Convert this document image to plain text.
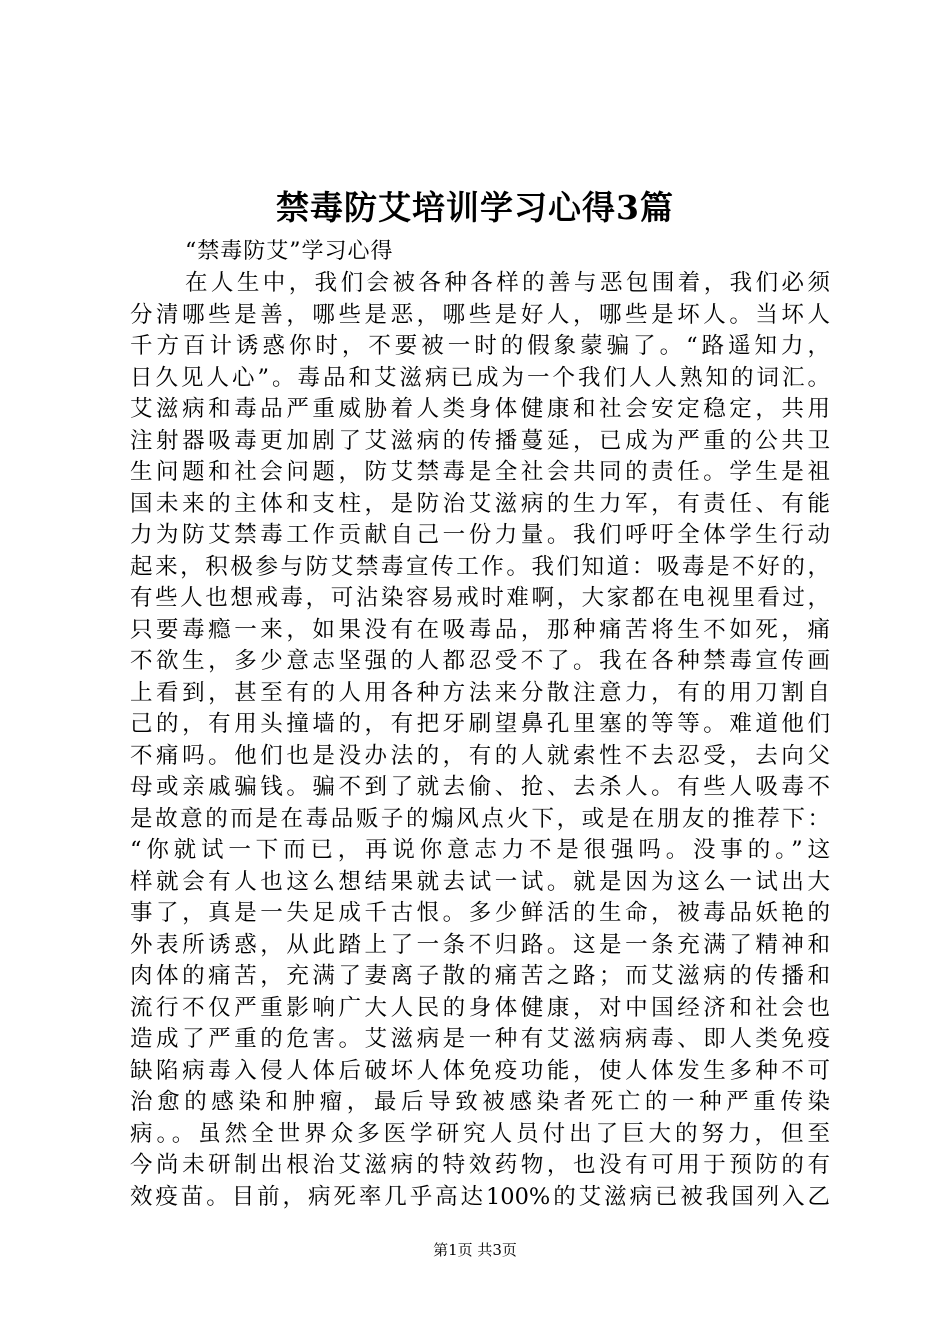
禁毒防艾培训学习心得3篇
“禁毒防艾”学习心得
在人生中，我们会被各种各样的善与恶包围着，我们必须
分清哪些是善，哪些是恶，哪些是好人，哪些是坏人。当坏人
千方百计诱惑你时，不要被一时的假象蒙骗了。“路遥知力，
日久见人心”。毒品和艾滋病已成为一个我们人人熟知的词汇。
艾滋病和毒品严重威胁着人类身体健康和社会安定稳定，共用
注射器吸毒更加剧了艾滋病的传播蔓延，已成为严重的公共卫
生问题和社会问题，防艾禁毒是全社会共同的责任。学生是祖
国未来的主体和支柱，是防治艾滋病的生力军，有责任、有能
力为防艾禁毒工作贡献自己一份力量。我们呼吁全体学生行动
起来，积极参与防艾禁毒宣传工作。我们知道：吸毒是不好的，
有些人也想戒毒，可沾染容易戒时难啊，大家都在电视里看过，
只要毒瘾一来，如果没有在吸毒品，那种痛苦将生不如死，痛
不欲生，多少意志坚强的人都忍受不了。我在各种禁毒宣传画
上看到，甚至有的人用各种方法来分散注意力，有的用刀割自
己的，有用头撞墙的，有把牙刷望鼻孔里塞的等等。难道他们
不痛吗。他们也是没办法的，有的人就索性不去忍受，去向父
母或亲戚骗钱。骗不到了就去偷、抢、去杀人。有些人吸毒不
是故意的而是在毒品贩子的煽风点火下，或是在朋友的推荐下：
“你就试一下而已，再说你意志力不是很强吗。没事的。”这
样就会有人也这么想结果就去试一试。就是因为这么一试出大
事了，真是一失足成千古恨。多少鲜活的生命，被毒品妖艳的
外表所诱惑，从此踏上了一条不归路。这是一条充满了精神和
肉体的痛苦，充满了妻离子散的痛苦之路；而艾滋病的传播和
流行不仅严重影响广大人民的身体健康，对中国经济和社会也
造成了严重的危害。艾滋病是一种有艾滋病病毒、即人类免疫
缺陷病毒入侵人体后破坏人体免疫功能，使人体发生多种不可
治愈的感染和肿瘤，最后导致被感染者死亡的一种严重传染
病。。虽然全世界众多医学研究人员付出了巨大的努力，但至
今尚未研制出根治艾滋病的特效药物，也没有可用于预防的有
效疫苗。目前，病死率几乎高达100%的艾滋病已被我国列入乙
第1页 共3页
